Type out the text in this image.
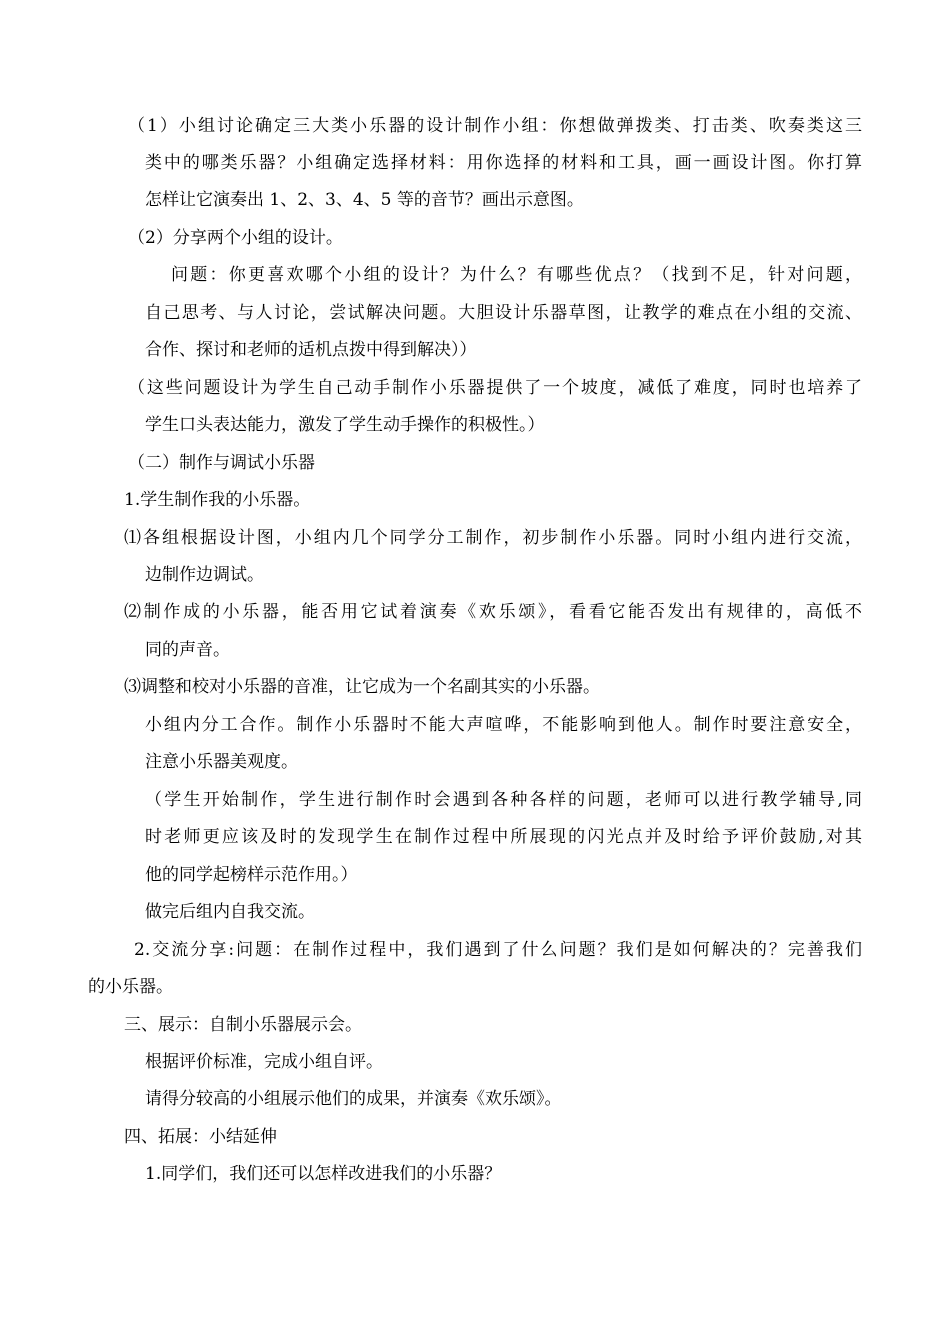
（1）小组讨论确定三大类小乐器的设计制作小组：你想做弹拨类、打击类、吹奏类这三
类中的哪类乐器？小组确定选择材料：用你选择的材料和工具，画一画设计图。你打算
怎样让它演奏出 1、2、3、4、5 等的音节？画出示意图。
（2）分享两个小组的设计。
问题：你更喜欢哪个小组的设计？为什么？有哪些优点？（找到不足，针对问题，
自己思考、与人讨论，尝试解决问题。大胆设计乐器草图，让教学的难点在小组的交流、
合作、探讨和老师的适机点拨中得到解决））
（这些问题设计为学生自己动手制作小乐器提供了一个坡度，减低了难度，同时也培养了
学生口头表达能力，激发了学生动手操作的积极性。）
（二）制作与调试小乐器
1.学生制作我的小乐器。
⑴各组根据设计图，小组内几个同学分工制作，初步制作小乐器。同时小组内进行交流，
边制作边调试。
⑵制作成的小乐器，能否用它试着演奏《欢乐颂》，看看它能否发出有规律的，高低不
同的声音。
⑶调整和校对小乐器的音准，让它成为一个名副其实的小乐器。
小组内分工合作。制作小乐器时不能大声喧哗，不能影响到他人。制作时要注意安全，
注意小乐器美观度。
（学生开始制作，学生进行制作时会遇到各种各样的问题，老师可以进行教学辅导,同
时老师更应该及时的发现学生在制作过程中所展现的闪光点并及时给予评价鼓励,对其
他的同学起榜样示范作用。）
做完后组内自我交流。
2.交流分享:问题：在制作过程中，我们遇到了什么问题？我们是如何解决的？完善我们
的小乐器。
三、展示：自制小乐器展示会。
根据评价标准，完成小组自评。
请得分较高的小组展示他们的成果，并演奏《欢乐颂》。
四、拓展：小结延伸
1.同学们，我们还可以怎样改进我们的小乐器？
